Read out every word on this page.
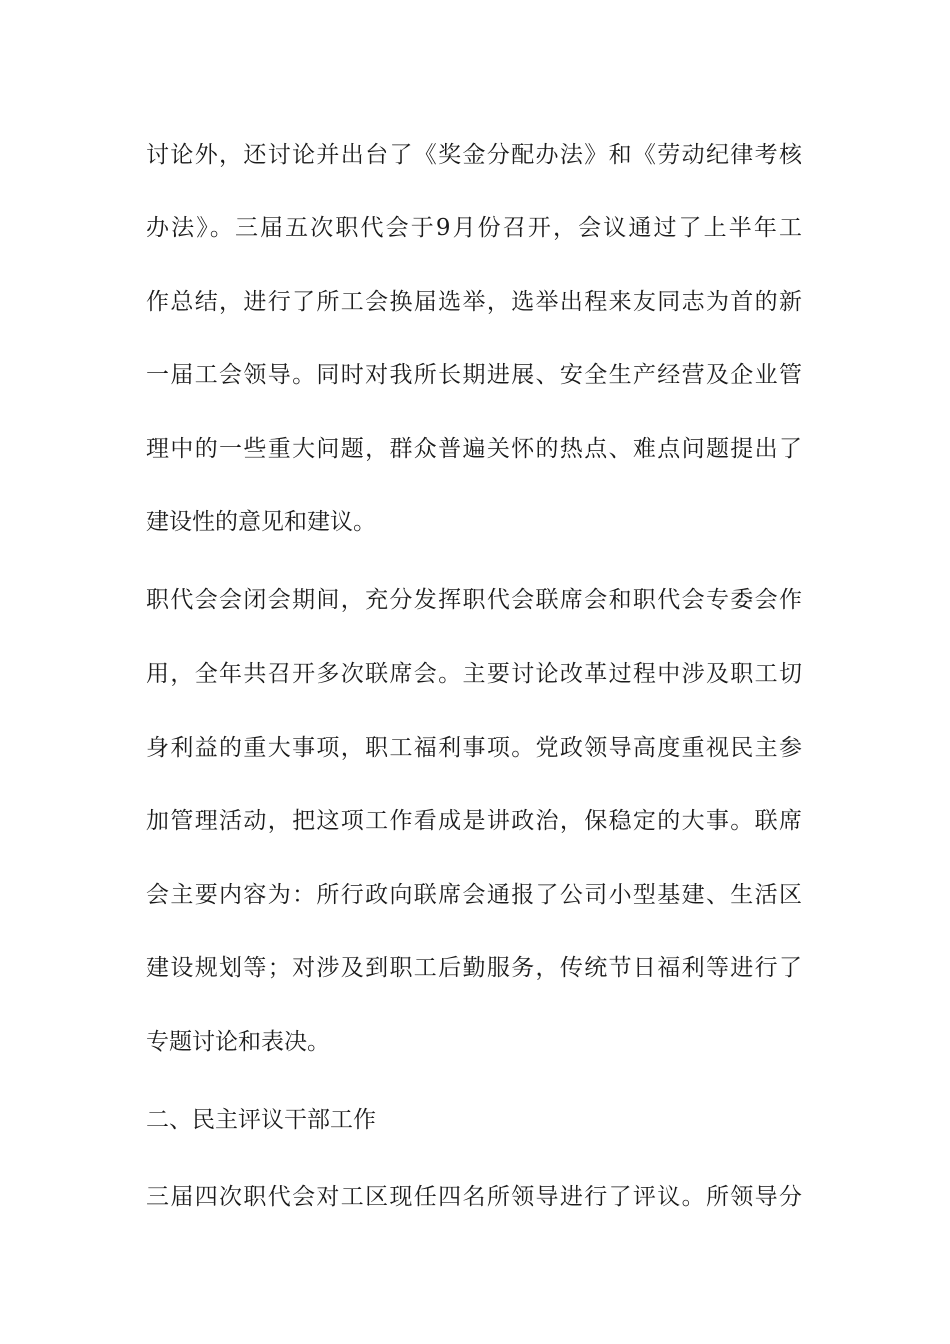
讨论外，还讨论并出台了《奖金分配办法》和《劳动纪律考核
办法》。三届五次职代会于9月份召开，会议通过了上半年工
作总结，进行了所工会换届选举，选举出程来友同志为首的新
一届工会领导。同时对我所长期进展、安全生产经营及企业管
理中的一些重大问题，群众普遍关怀的热点、难点问题提出了
建设性的意见和建议。
职代会会闭会期间，充分发挥职代会联席会和职代会专委会作
用，全年共召开多次联席会。主要讨论改革过程中涉及职工切
身利益的重大事项，职工福利事项。党政领导高度重视民主参
加管理活动，把这项工作看成是讲政治，保稳定的大事。联席
会主要内容为：所行政向联席会通报了公司小型基建、生活区
建设规划等；对涉及到职工后勤服务，传统节日福利等进行了
专题讨论和表决。
二、民主评议干部工作
三届四次职代会对工区现任四名所领导进行了评议。所领导分
